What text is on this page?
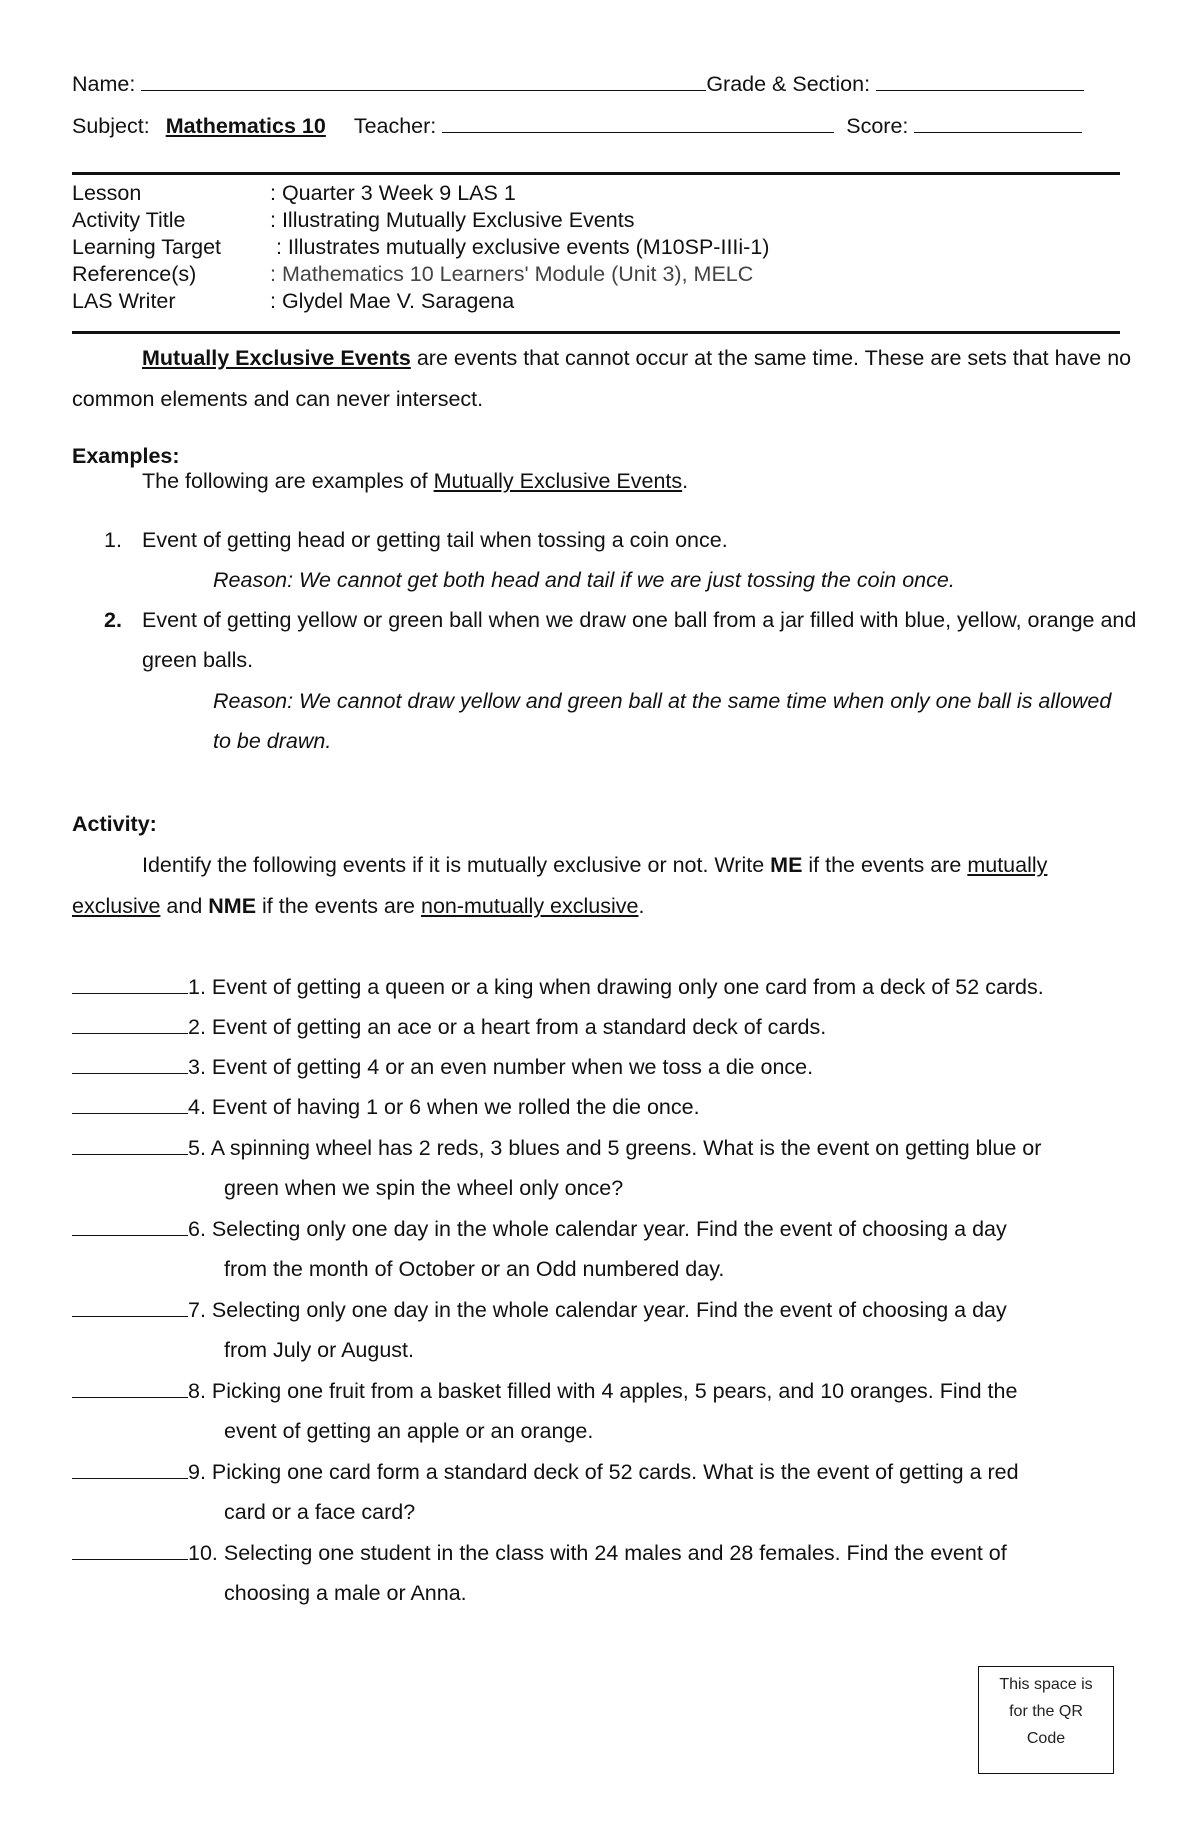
Name:	Grade & Section:
Subject: Mathematics 10 Teacher:	Score:
Lesson	: Quarter 3 Week 9 LAS 1
Activity Title	: Illustrating Mutually Exclusive Events
Learning Target	: Illustrates mutually exclusive events (M10SP-IIIi-1)
Reference(s)	: Mathematics 10 Learners' Module (Unit 3), MELC
LAS Writer	: Glydel Mae V. Saragena
Mutually Exclusive Events are events that cannot occur at the same time. These are sets that have no common elements and can never intersect.
Examples:
The following are examples of Mutually Exclusive Events.
1. Event of getting head or getting tail when tossing a coin once.
Reason: We cannot get both head and tail if we are just tossing the coin once.
2. Event of getting yellow or green ball when we draw one ball from a jar filled with blue, yellow, orange and green balls.
Reason: We cannot draw yellow and green ball at the same time when only one ball is allowed to be drawn.
Activity:
Identify the following events if it is mutually exclusive or not. Write ME if the events are mutually exclusive and NME if the events are non-mutually exclusive.
1. Event of getting a queen or a king when drawing only one card from a deck of 52 cards.
2. Event of getting an ace or a heart from a standard deck of cards.
3. Event of getting 4 or an even number when we toss a die once.
4. Event of having 1 or 6 when we rolled the die once.
5. A spinning wheel has 2 reds, 3 blues and 5 greens. What is the event on getting blue or
green when we spin the wheel only once?
6. Selecting only one day in the whole calendar year. Find the event of choosing a day
from the month of October or an Odd numbered day.
7. Selecting only one day in the whole calendar year. Find the event of choosing a day
from July or August.
8. Picking one fruit from a basket filled with 4 apples, 5 pears, and 10 oranges. Find the
event of getting an apple or an orange.
9. Picking one card form a standard deck of 52 cards. What is the event of getting a red
card or a face card?
10. Selecting one student in the class with 24 males and 28 females. Find the event of
choosing a male or Anna.
This space is
for the QR
Code
